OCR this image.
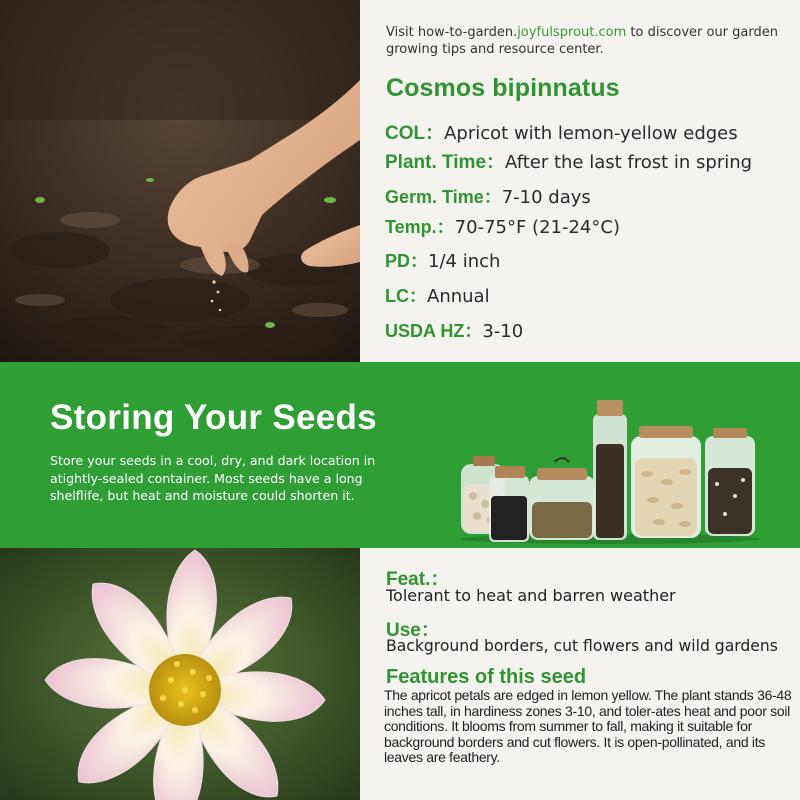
Visit how-to-garden.joyfulsprout.com to discover our garden growing tips and resource center.

Cosmos bipinnatus
COL：Apricot with lemon-yellow edges
Plant. Time：After the last frost in spring
Germ. Time：7-10 days
Temp.：70-75°F (21-24°C)
PD：1/4 inch
LC：Annual
USDA HZ：3-10
Storing Your Seeds

Store your seeds in a cool, dry, and dark location in atightly-sealed container. Most seeds have a long shelflife, but heat and moisture could shorten it.

Feat.：

Tolerant to heat and barren weather

Use：

Background borders, cut flowers and wild gardens

Features of this seed

The apricot petals are edged in lemon yellow. The plant stands 36-48 inches tall, in hardiness zones 3-10, and toler-ates heat and poor soil conditions. It blooms from summer to fall, making it suitable for background borders and cut flowers. It is open-pollinated, and its leaves are feathery.
